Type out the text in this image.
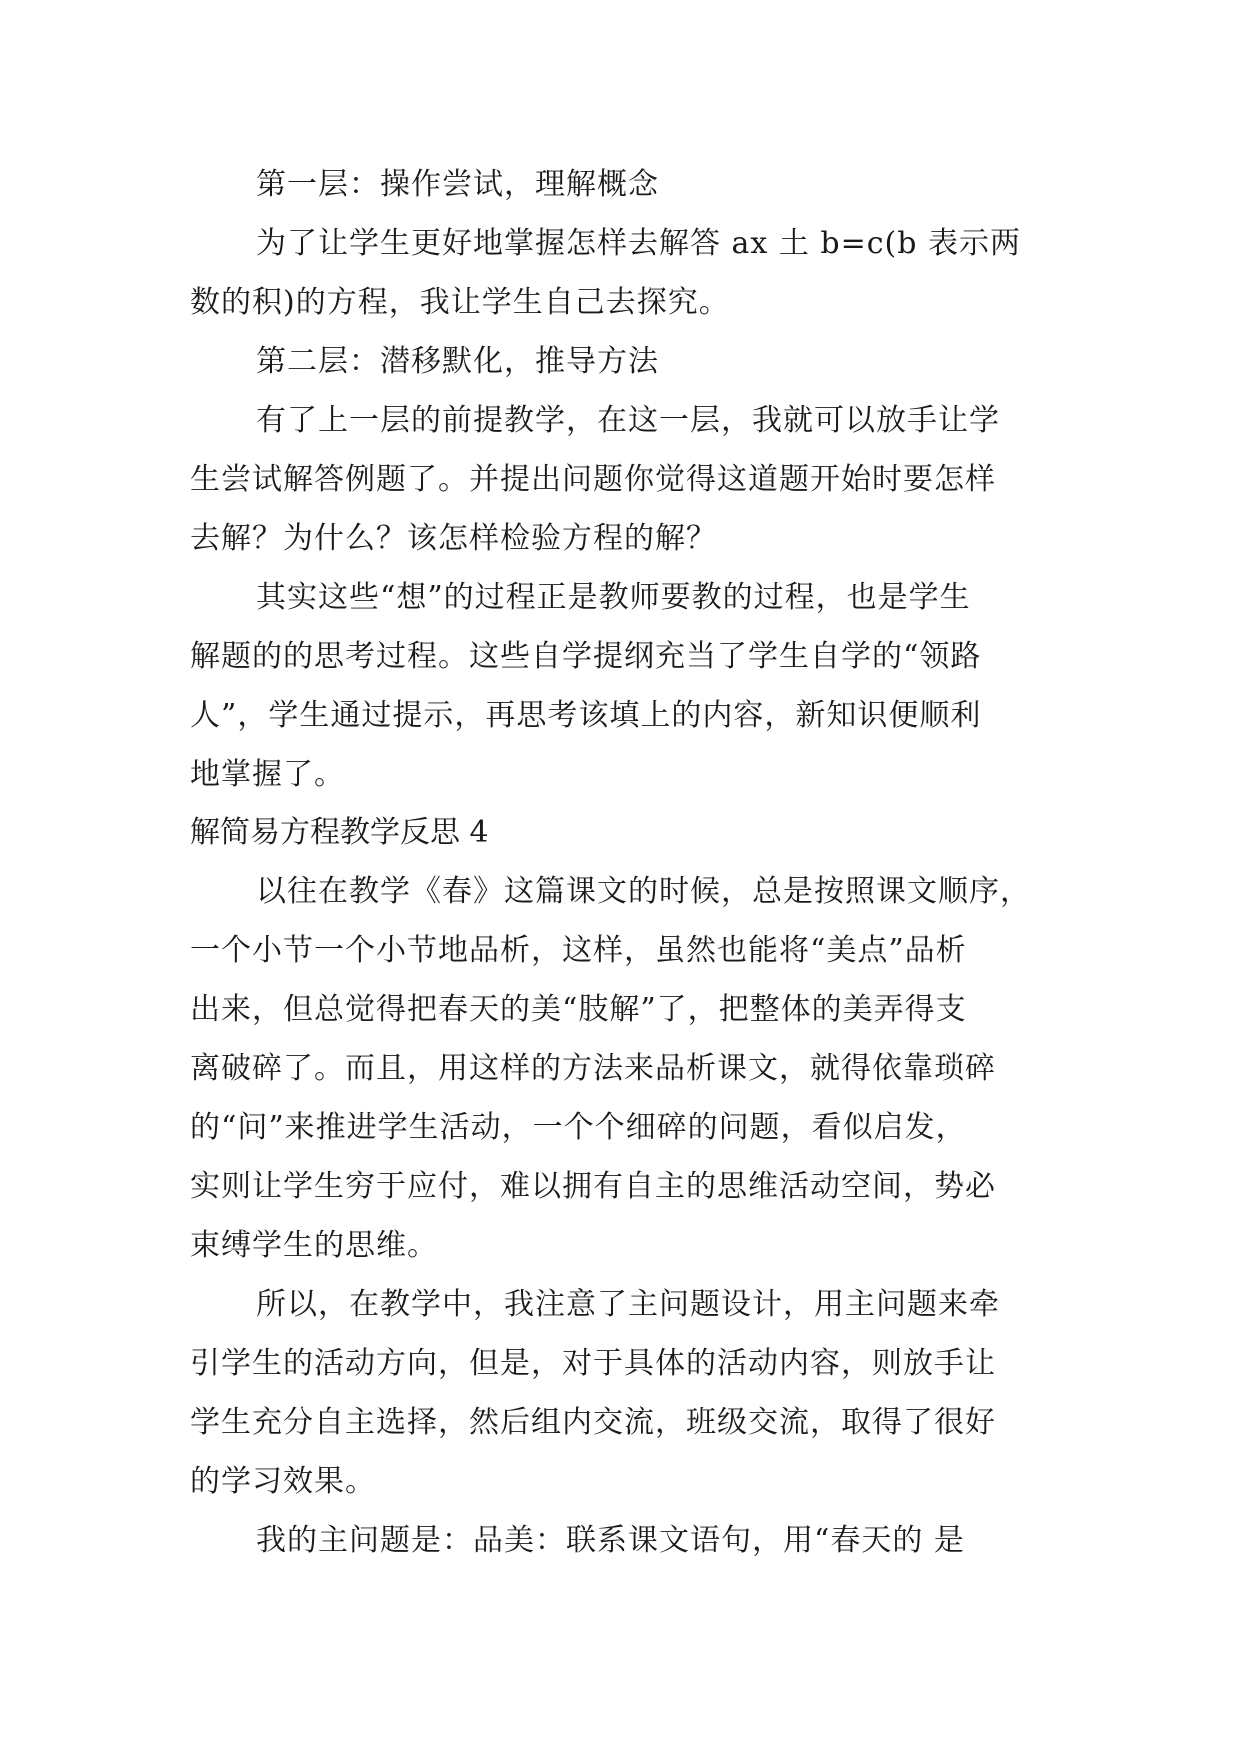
第一层：操作尝试，理解概念
为了让学生更好地掌握怎样去解答 ax 土 b=c(b 表示两
数的积)的方程，我让学生自己去探究。
第二层：潜移默化，推导方法
有了上一层的前提教学，在这一层，我就可以放手让学
生尝试解答例题了。并提出问题你觉得这道题开始时要怎样
去解？为什么？该怎样检验方程的解？
其实这些“想”的过程正是教师要教的过程，也是学生
解题的的思考过程。这些自学提纲充当了学生自学的“领路
人”，学生通过提示，再思考该填上的内容，新知识便顺利
地掌握了。
解简易方程教学反思 4
以往在教学《春》这篇课文的时候，总是按照课文顺序，
一个小节一个小节地品析，这样，虽然也能将“美点”品析
出来，但总觉得把春天的美“肢解”了，把整体的美弄得支
离破碎了。而且，用这样的方法来品析课文，就得依靠琐碎
的“问”来推进学生活动，一个个细碎的问题，看似启发，
实则让学生穷于应付，难以拥有自主的思维活动空间，势必
束缚学生的思维。
所以，在教学中，我注意了主问题设计，用主问题来牵
引学生的活动方向，但是，对于具体的活动内容，则放手让
学生充分自主选择，然后组内交流，班级交流，取得了很好
的学习效果。
我的主问题是：品美：联系课文语句，用“春天的 是
